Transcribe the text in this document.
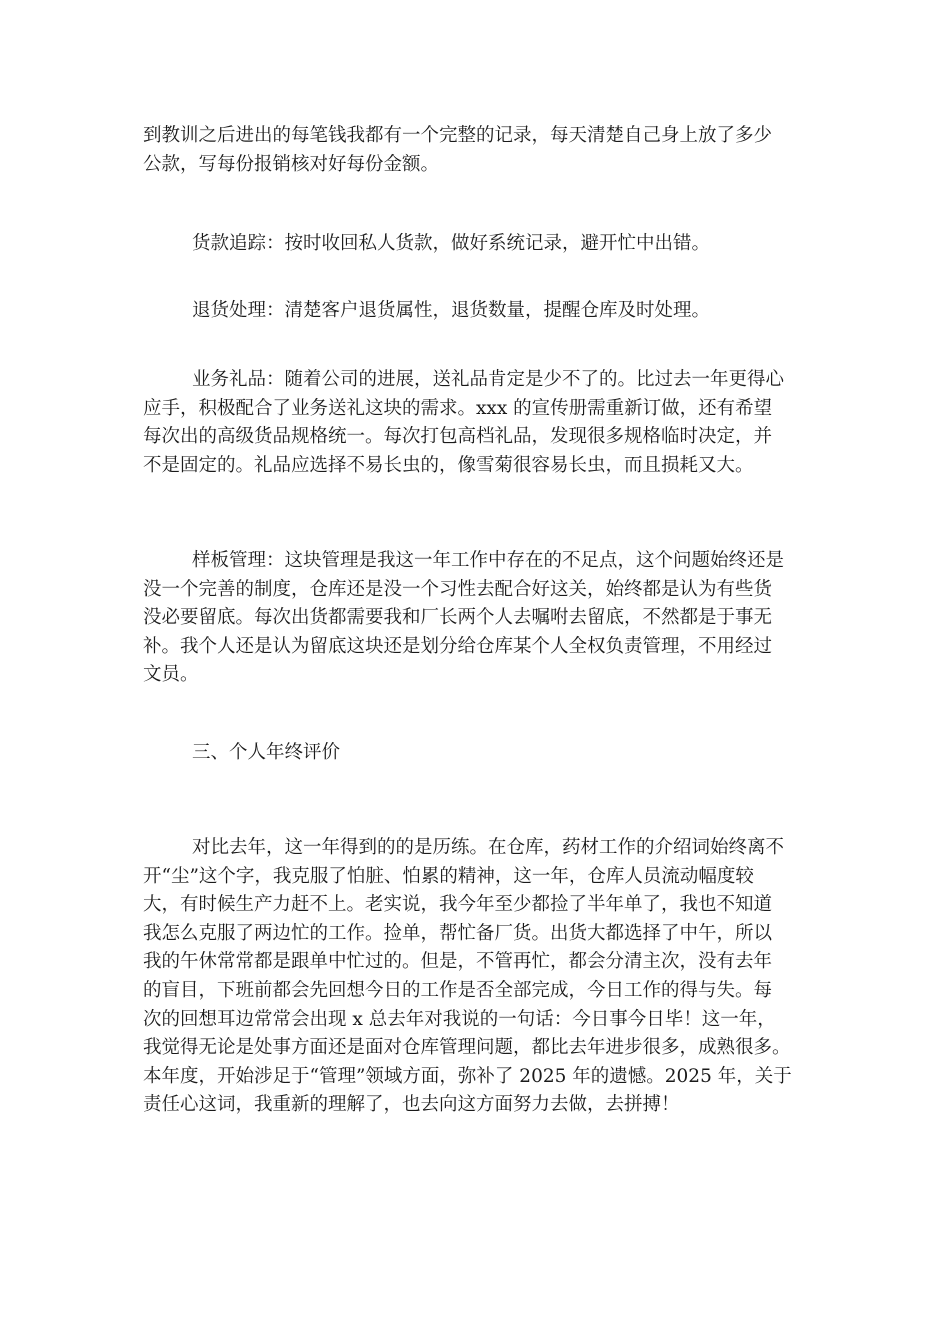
到教训之后进出的每笔钱我都有一个完整的记录，每天清楚自己身上放了多少
公款，写每份报销核对好每份金额。
货款追踪：按时收回私人货款，做好系统记录，避开忙中出错。
退货处理：清楚客户退货属性，退货数量，提醒仓库及时处理。
业务礼品：随着公司的进展，送礼品肯定是少不了的。比过去一年更得心
应手，积极配合了业务送礼这块的需求。xxx 的宣传册需重新订做，还有希望
每次出的高级货品规格统一。每次打包高档礼品，发现很多规格临时决定，并
不是固定的。礼品应选择不易长虫的，像雪菊很容易长虫，而且损耗又大。
样板管理：这块管理是我这一年工作中存在的不足点，这个问题始终还是
没一个完善的制度，仓库还是没一个习性去配合好这关，始终都是认为有些货
没必要留底。每次出货都需要我和厂长两个人去嘱咐去留底，不然都是于事无
补。我个人还是认为留底这块还是划分给仓库某个人全权负责管理，不用经过
文员。
三、个人年终评价
对比去年，这一年得到的的是历练。在仓库，药材工作的介绍词始终离不
开“尘”这个字，我克服了怕脏、怕累的精神，这一年，仓库人员流动幅度较
大，有时候生产力赶不上。老实说，我今年至少都捡了半年单了，我也不知道
我怎么克服了两边忙的工作。捡单，帮忙备厂货。出货大都选择了中午，所以
我的午休常常都是跟单中忙过的。但是，不管再忙，都会分清主次，没有去年
的盲目，下班前都会先回想今日的工作是否全部完成，今日工作的得与失。每
次的回想耳边常常会出现 x 总去年对我说的一句话：今日事今日毕！这一年，
我觉得无论是处事方面还是面对仓库管理问题，都比去年进步很多，成熟很多。
本年度，开始涉足于“管理”领域方面，弥补了 2025 年的遗憾。2025 年，关于
责任心这词，我重新的理解了，也去向这方面努力去做，去拼搏！
